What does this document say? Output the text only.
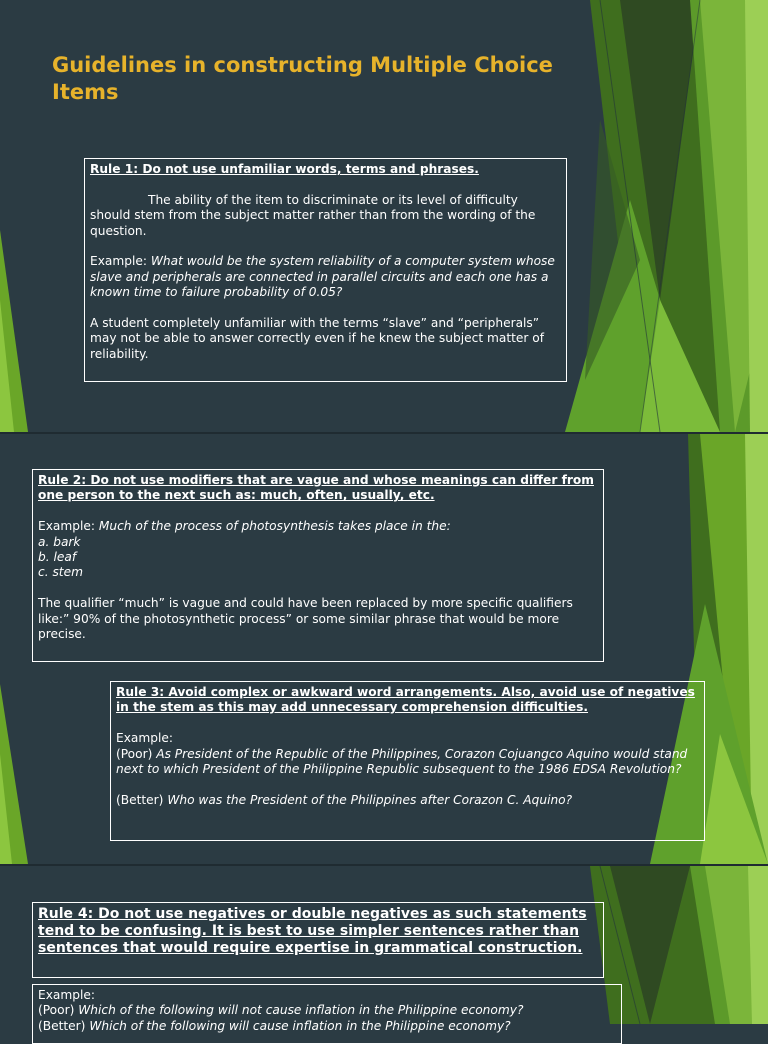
Guidelines in constructing Multiple Choice Items

Rule 1: Do not use unfamiliar words, terms and phrases.

The ability of the item to discriminate or its level of difficulty

should stem from the subject matter rather than from the wording of the question.

Example: What would be the system reliability of a computer system whose slave and peripherals are connected in parallel circuits and each one has a known time to failure probability of 0.05?

A student completely unfamiliar with the terms “slave” and “peripherals” may not be able to answer correctly even if he knew the subject matter of reliability.

Rule 2: Do not use modifiers that are vague and whose meanings can differ from one person to the next such as: much, often, usually, etc.

Example: Much of the process of photosynthesis takes place in the:

a. bark

b. leaf

c. stem

The qualifier “much” is vague and could have been replaced by more specific qualifiers like:” 90% of the photosynthetic process” or some similar phrase that would be more precise.

Rule 3: Avoid complex or awkward word arrangements. Also, avoid use of negatives in the stem as this may add unnecessary comprehension difficulties.

Example:

(Poor) As President of the Republic of the Philippines, Corazon Cojuangco Aquino would stand next to which President of the Philippine Republic subsequent to the 1986 EDSA Revolution?

(Better) Who was the President of the Philippines after Corazon C. Aquino?

Rule 4: Do not use negatives or double negatives as such statements tend to be confusing. It is best to use simpler sentences rather than sentences that would require expertise in grammatical construction.

Example:

(Poor) Which of the following will not cause inflation in the Philippine economy?

(Better) Which of the following will cause inflation in the Philippine economy?
